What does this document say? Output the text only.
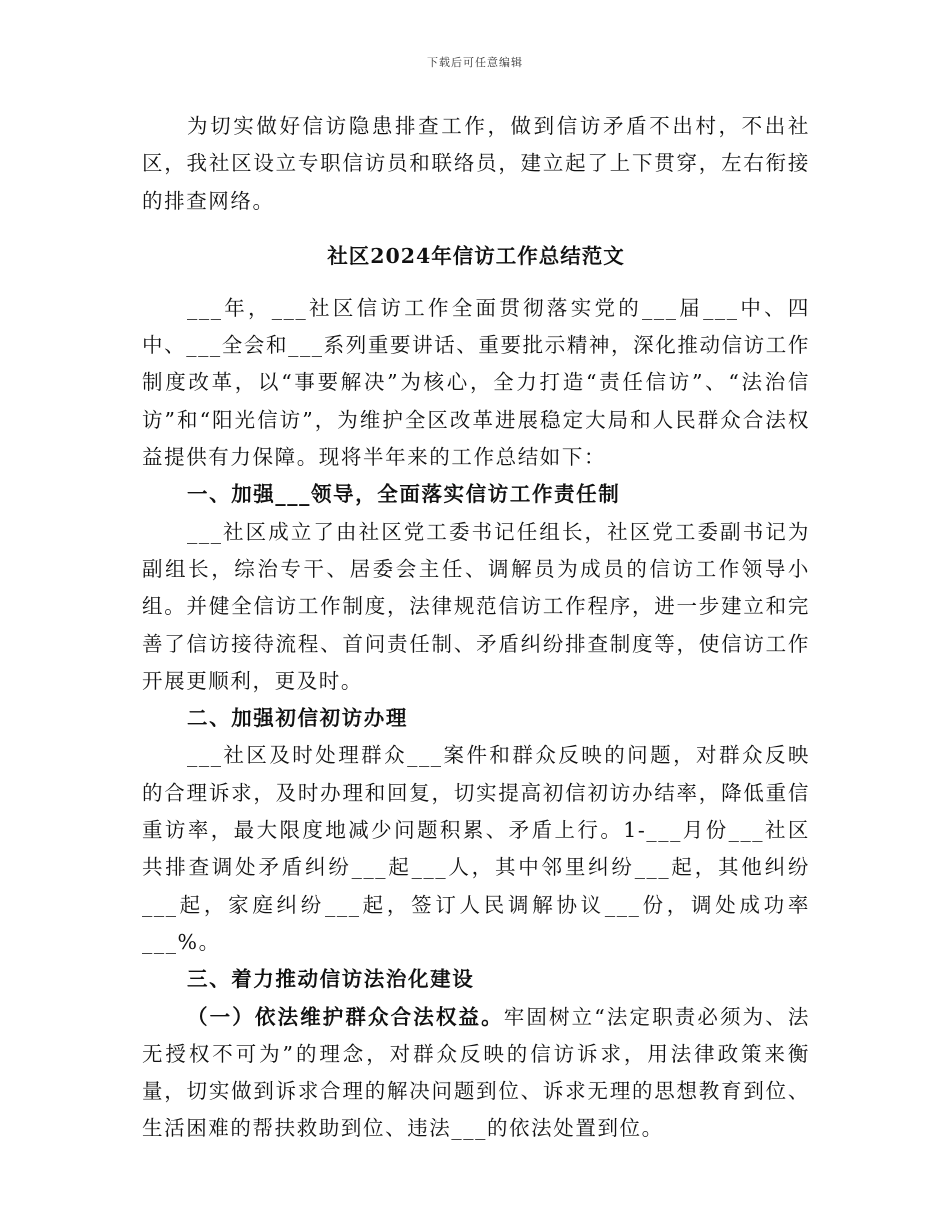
下载后可任意编辑

为切实做好信访隐患排查工作，做到信访矛盾不出村，不出社区，我社区设立专职信访员和联络员，建立起了上下贯穿，左右衔接的排查网络。

社区2024年信访工作总结范文

___年，___社区信访工作全面贯彻落实党的___届___中、四中、___全会和___系列重要讲话、重要批示精神，深化推动信访工作制度改革，以“事要解决”为核心，全力打造“责任信访”、“法治信访”和“阳光信访”，为维护全区改革进展稳定大局和人民群众合法权益提供有力保障。现将半年来的工作总结如下：

一、加强___领导，全面落实信访工作责任制

___社区成立了由社区党工委书记任组长，社区党工委副书记为副组长，综治专干、居委会主任、调解员为成员的信访工作领导小组。并健全信访工作制度，法律规范信访工作程序，进一步建立和完善了信访接待流程、首问责任制、矛盾纠纷排查制度等，使信访工作开展更顺利，更及时。

二、加强初信初访办理

___社区及时处理群众___案件和群众反映的问题，对群众反映的合理诉求，及时办理和回复，切实提高初信初访办结率，降低重信重访率，最大限度地减少问题积累、矛盾上行。1-___月份___社区共排查调处矛盾纠纷___起___人，其中邻里纠纷___起，其他纠纷___起，家庭纠纷___起，签订人民调解协议___份，调处成功率___%。

三、着力推动信访法治化建设

（一）依法维护群众合法权益。牢固树立“法定职责必须为、法无授权不可为”的理念，对群众反映的信访诉求，用法律政策来衡量，切实做到诉求合理的解决问题到位、诉求无理的思想教育到位、生活困难的帮扶救助到位、违法___的依法处置到位。
